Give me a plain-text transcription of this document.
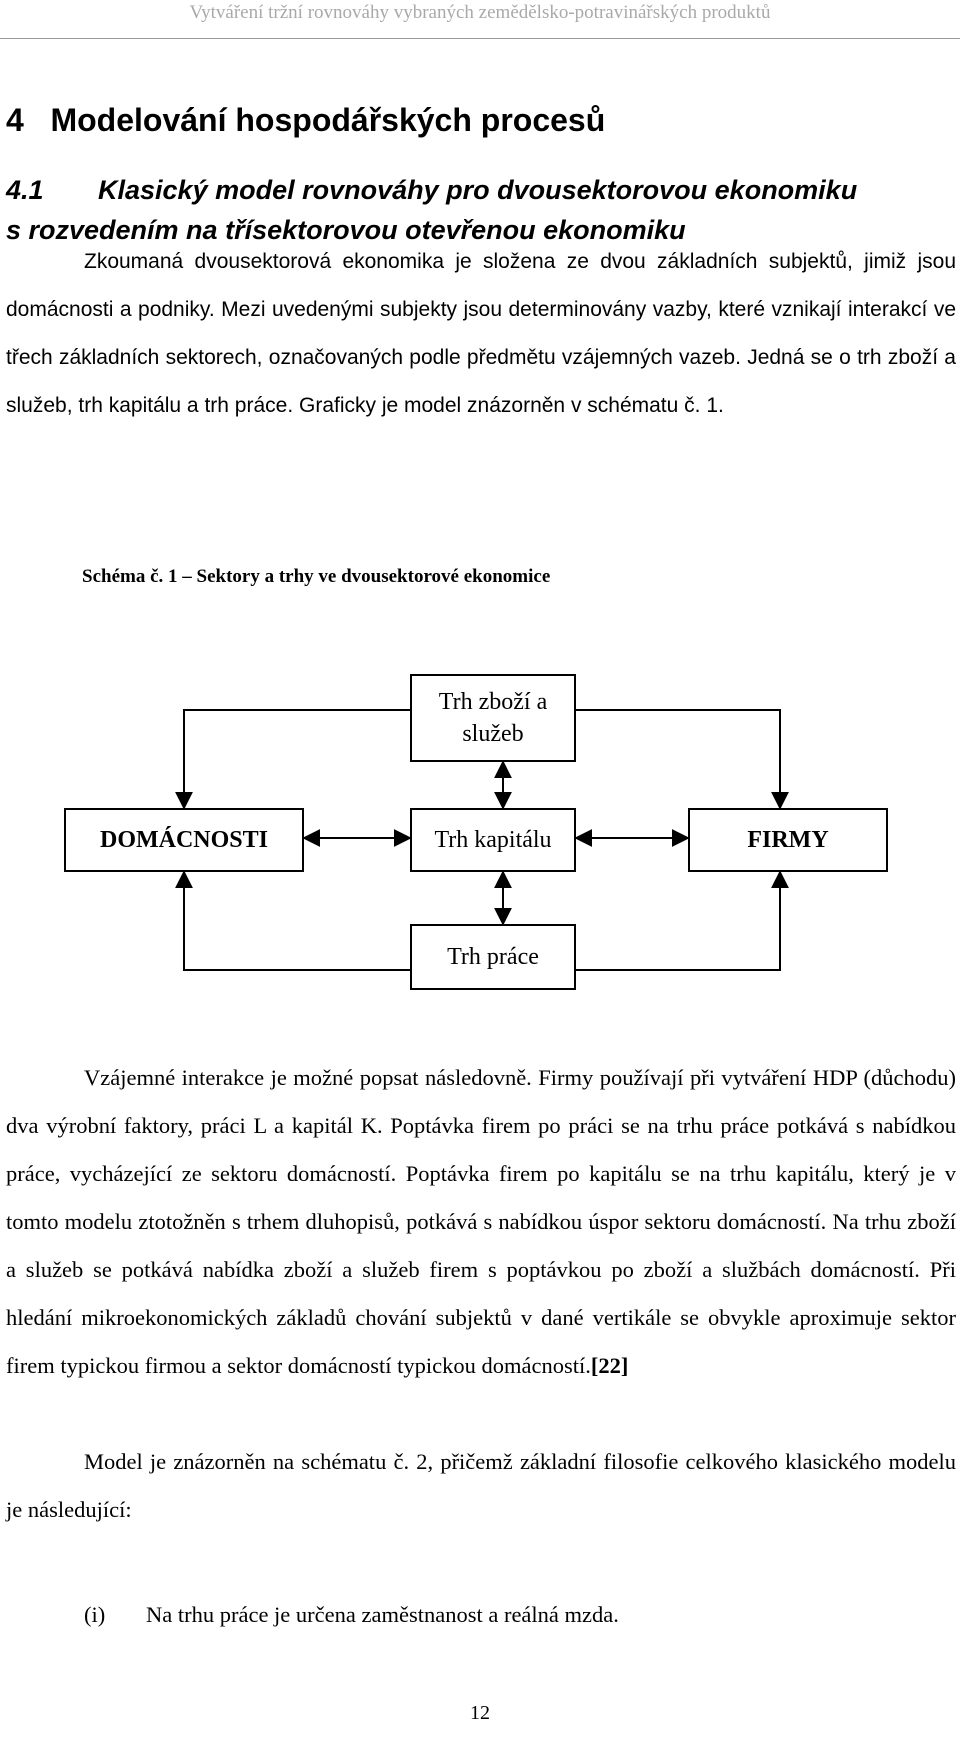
Vytváření tržní rovnováhy vybraných zemědělsko-potravinářských produktů
4 Modelování hospodářských procesů
4.1 Klasický model rovnováhy pro dvousektorovou ekonomiku
s rozvedením na třísektorovou otevřenou ekonomiku

Zkoumaná dvousektorová ekonomika je složena ze dvou základních subjektů, jimiž jsou domácnosti a podniky. Mezi uvedenými subjekty jsou determinovány vazby, které vznikají interakcí ve třech základních sektorech, označovaných podle předmětu vzájemných vazeb. Jedná se o trh zboží a služeb, trh kapitálu a trh práce. Graficky je model znázorněn v schématu č. 1.

Schéma č. 1 – Sektory a trhy ve dvousektorové ekonomice
Trh zboží a
služeb
DOMÁCNOSTI	Trh kapitálu	FIRMY
Trh práce

Vzájemné interakce je možné popsat následovně. Firmy používají při vytváření HDP (důchodu) dva výrobní faktory, práci L a kapitál K. Poptávka firem po práci se na trhu práce potkává s nabídkou práce, vycházející ze sektoru domácností. Poptávka firem po kapitálu se na trhu kapitálu, který je v tomto modelu ztotožněn s trhem dluhopisů, potkává s nabídkou úspor sektoru domácností. Na trhu zboží a služeb se potkává nabídka zboží a služeb firem s poptávkou po zboží a službách domácností. Při hledání mikroekonomických základů chování subjektů v dané vertikále se obvykle aproximuje sektor firem typickou firmou a sektor domácností typickou domácností.[22]

Model je znázorněn na schématu č. 2, přičemž základní filosofie celkového klasického modelu je následující:

(i) Na trhu práce je určena zaměstnanost a reálná mzda.
12
